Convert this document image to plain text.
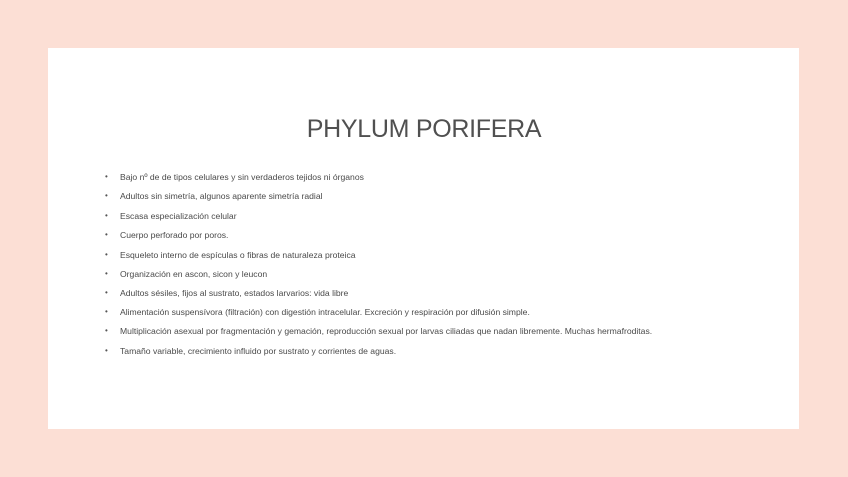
PHYLUM PORIFERA
• Bajo nº de de tipos celulares y sin verdaderos tejidos ni órganos
• Adultos sin simetría, algunos aparente simetría radial
• Escasa especialización celular
• Cuerpo perforado por poros.
• Esqueleto interno de espículas o fibras de naturaleza proteica
• Organización en ascon, sicon y leucon
• Adultos sésiles, fijos al sustrato, estados larvarios: vida libre
• Alimentación suspensívora (filtración) con digestión intracelular. Excreción y respiración por difusión simple.
• Multiplicación asexual por fragmentación y gemación, reproducción sexual por larvas ciliadas que nadan libremente. Muchas hermafroditas.
• Tamaño variable, crecimiento influido por sustrato y corrientes de aguas.
